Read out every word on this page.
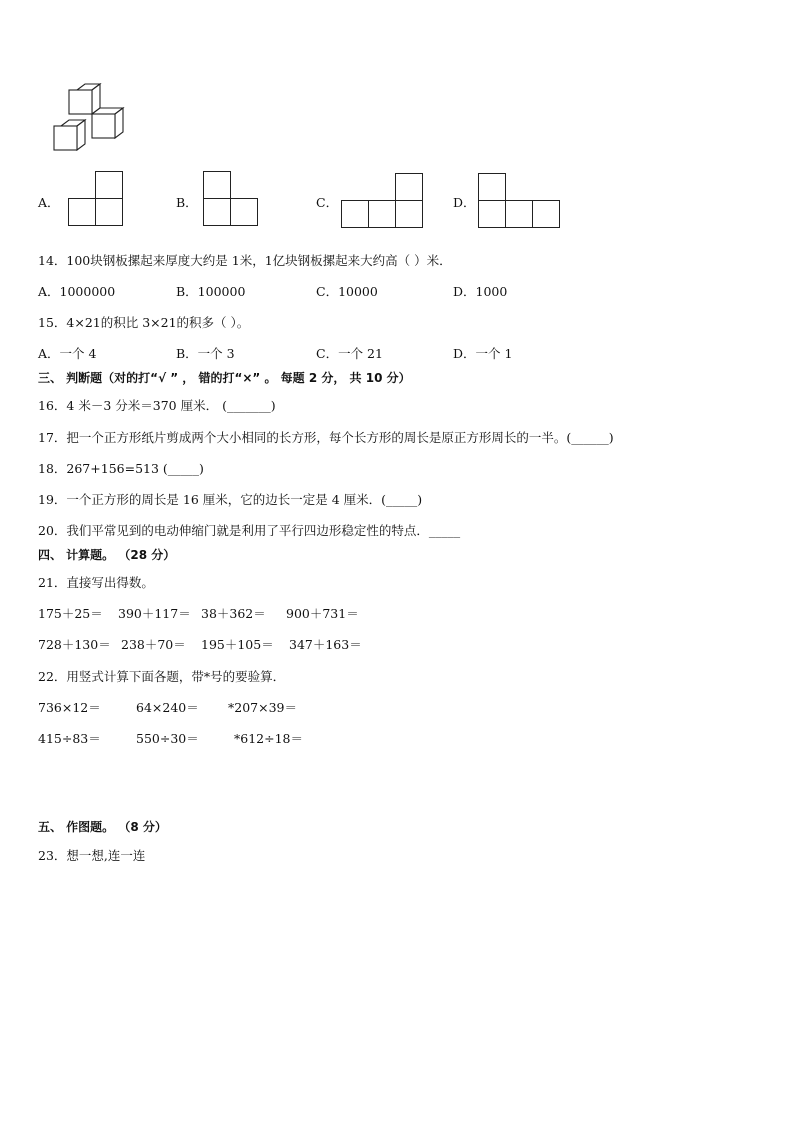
A．	B．	C．	D．
14．100块钢板摞起来厚度大约是 1米，1亿块钢板摞起来大约高（ ）米．
A．1000000	B．100000	C．10000	D．1000
15．4×21的积比 3×21的积多（ ）。
A．一个 4	B．一个 3	C．一个 21	D．一个 1
三、 判断题（对的打“√ ” ， 错的打“×” 。 每题 2 分， 共 10 分）
16．4 米－3 分米＝370 厘米． (_______)
17．把一个正方形纸片剪成两个大小相同的长方形，每个长方形的周长是原正方形周长的一半。(______)
18．267+156=513 (_____)
19．一个正方形的周长是 16 厘米，它的边长一定是 4 厘米．(_____)
20．我们平常见到的电动伸缩门就是利用了平行四边形稳定性的特点．_____
四、 计算题。 （28 分）
21．直接写出得数。
175＋25＝ 390＋117＝ 38＋362＝ 900＋731＝
728＋130＝ 238＋70＝ 195＋105＝ 347＋163＝
22．用竖式计算下面各题，带*号的要验算．
736×12＝	64×240＝ *207×39＝
415÷83＝	550÷30＝	*612÷18＝
五、 作图题。 （8 分）
23．想一想,连一连
